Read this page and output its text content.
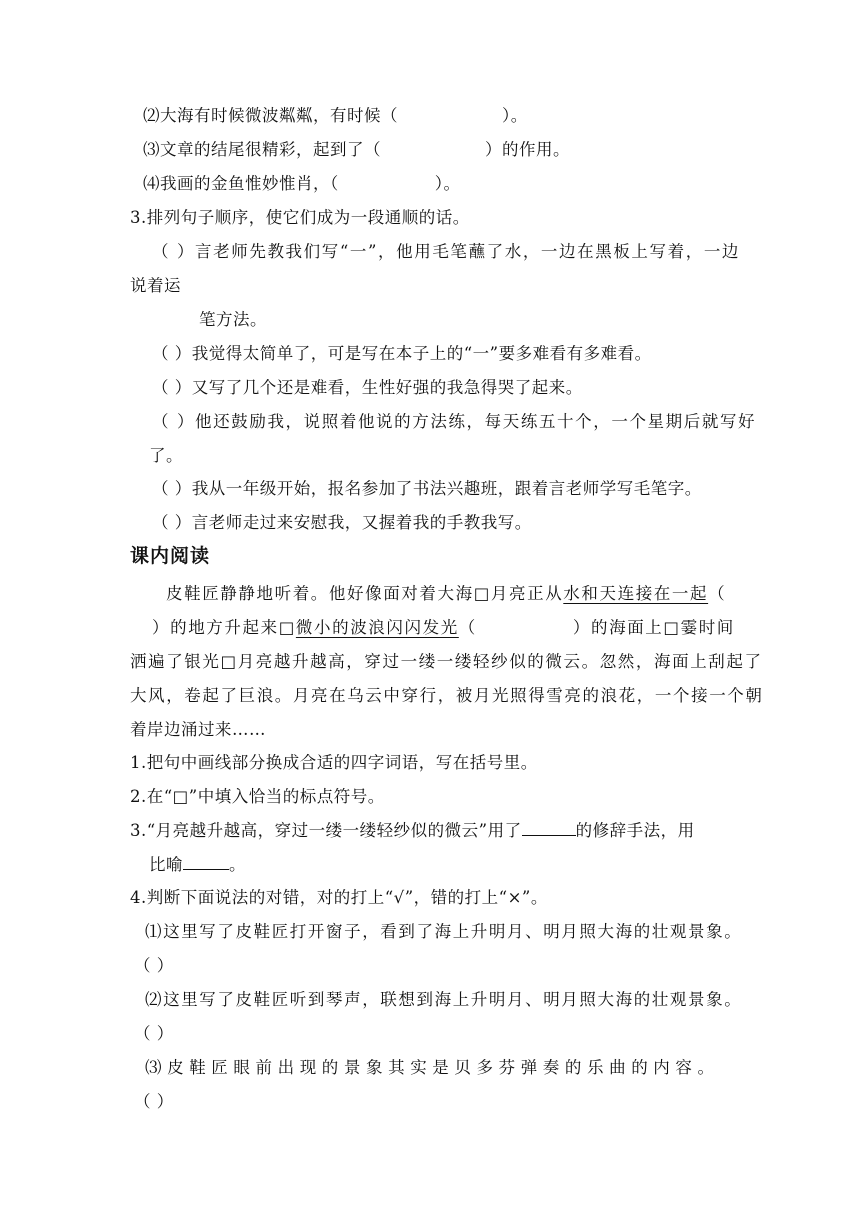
⑵大海有时候微波粼粼，有时候（	）。
⑶文章的结尾很精彩，起到了（	）的作用。
⑷我画的金鱼惟妙惟肖，（	）。
3.排列句子顺序，使它们成为一段通顺的话。
（ ）言老师先教我们写“一”，他用毛笔蘸了水，一边在黑板上写着，一边
说着运
笔方法。
（ ）我觉得太简单了，可是写在本子上的“一”要多难看有多难看。
（ ）又写了几个还是难看，生性好强的我急得哭了起来。
（ ）他还鼓励我，说照着他说的方法练，每天练五十个，一个星期后就写好
了。
（ ）我从一年级开始，报名参加了书法兴趣班，跟着言老师学写毛笔字。
（ ）言老师走过来安慰我，又握着我的手教我写。
课内阅读
皮鞋匠静静地听着。他好像面对着大海□月亮正从水和天连接在一起（
）的地方升起来□微小的波浪闪闪发光（	）的海面上□霎时间
洒遍了银光□月亮越升越高，穿过一缕一缕轻纱似的微云。忽然，海面上刮起了
大风，卷起了巨浪。月亮在乌云中穿行，被月光照得雪亮的浪花，一个接一个朝
着岸边涌过来……
1.把句中画线部分换成合适的四字词语，写在括号里。
2.在“□”中填入恰当的标点符号。
3.“月亮越升越高，穿过一缕一缕轻纱似的微云”用了	的修辞手法，用
比喻	。
4.判断下面说法的对错，对的打上“√”，错的打上“×”。
⑴这里写了皮鞋匠打开窗子，看到了海上升明月、明月照大海的壮观景象。
（ ）
⑵这里写了皮鞋匠听到琴声，联想到海上升明月、明月照大海的壮观景象。
（ ）
⑶皮鞋匠眼前出现的景象其实是贝多芬弹奏的乐曲的内容。
（ ）
